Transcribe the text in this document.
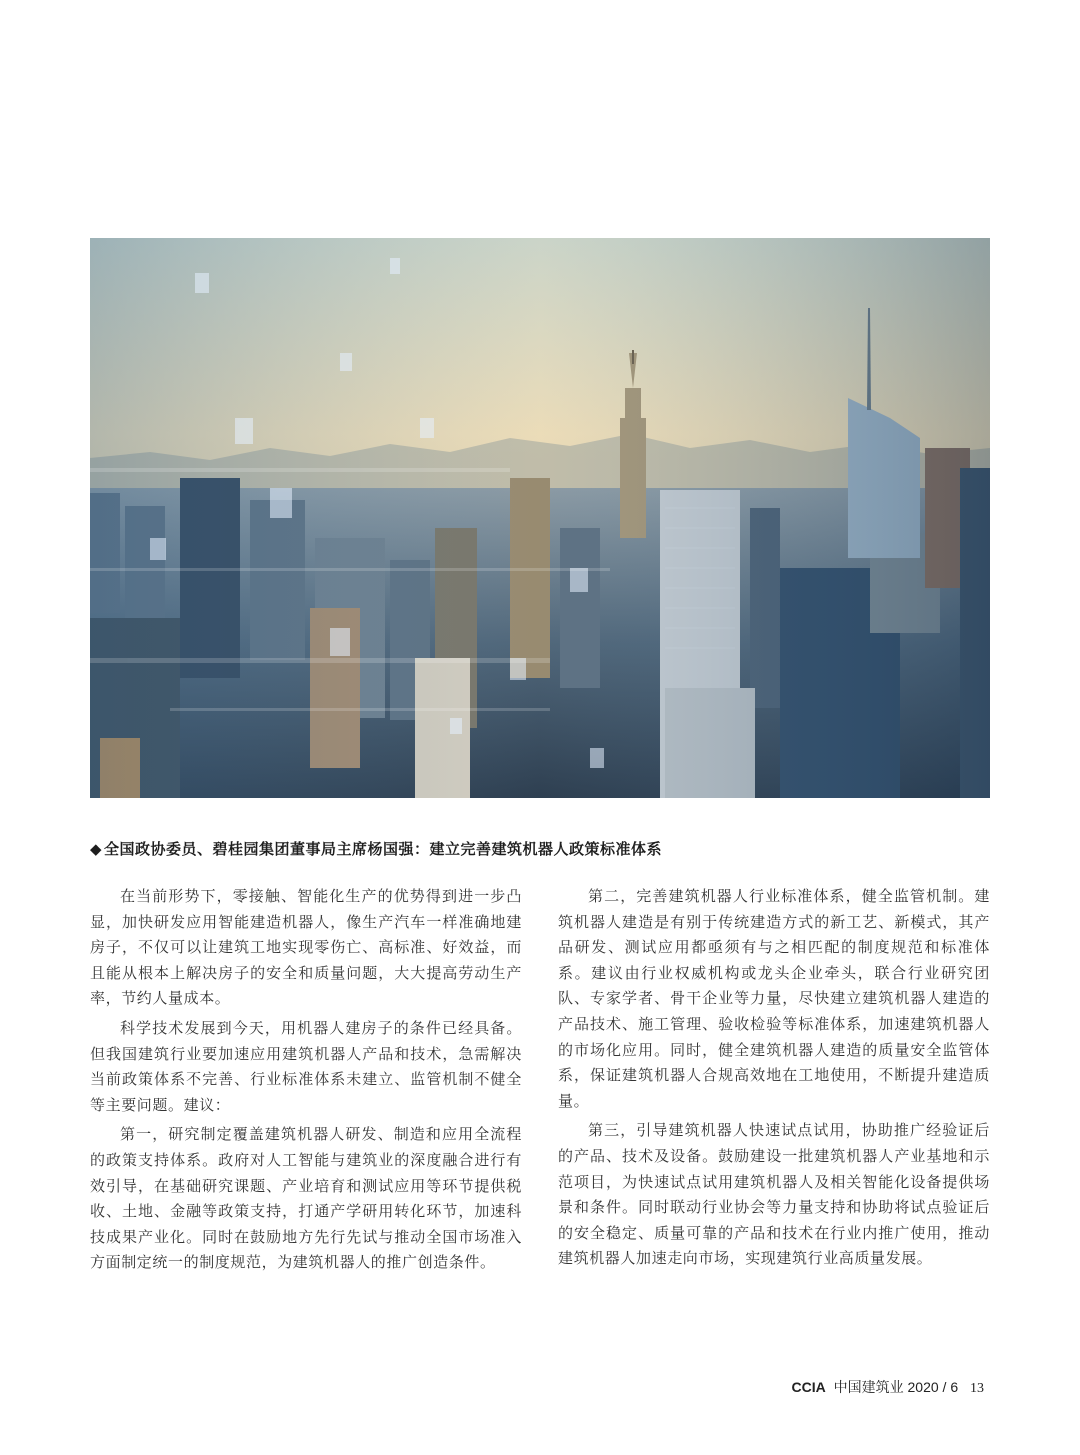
◆ 全国政协委员、碧桂园集团董事局主席杨国强：建立完善建筑机器人政策标准体系

在当前形势下，零接触、智能化生产的优势得到进一步凸显，加快研发应用智能建造机器人，像生产汽车一样准确地建房子，不仅可以让建筑工地实现零伤亡、高标准、好效益，而且能从根本上解决房子的安全和质量问题，大大提高劳动生产率，节约人量成本。

科学技术发展到今天，用机器人建房子的条件已经具备。但我国建筑行业要加速应用建筑机器人产品和技术，急需解决当前政策体系不完善、行业标准体系未建立、监管机制不健全等主要问题。建议：

第一，研究制定覆盖建筑机器人研发、制造和应用全流程的政策支持体系。政府对人工智能与建筑业的深度融合进行有效引导，在基础研究课题、产业培育和测试应用等环节提供税收、土地、金融等政策支持，打通产学研用转化环节，加速科技成果产业化。同时在鼓励地方先行先试与推动全国市场准入方面制定统一的制度规范，为建筑机器人的推广创造条件。

第二，完善建筑机器人行业标准体系，健全监管机制。建筑机器人建造是有别于传统建造方式的新工艺、新模式，其产品研发、测试应用都亟须有与之相匹配的制度规范和标准体系。建议由行业权威机构或龙头企业牵头，联合行业研究团队、专家学者、骨干企业等力量，尽快建立建筑机器人建造的产品技术、施工管理、验收检验等标准体系，加速建筑机器人的市场化应用。同时，健全建筑机器人建造的质量安全监管体系，保证建筑机器人合规高效地在工地使用，不断提升建造质量。

第三，引导建筑机器人快速试点试用，协助推广经验证后的产品、技术及设备。鼓励建设一批建筑机器人产业基地和示范项目，为快速试点试用建筑机器人及相关智能化设备提供场景和条件。同时联动行业协会等力量支持和协助将试点验证后的安全稳定、质量可靠的产品和技术在行业内推广使用，推动建筑机器人加速走向市场，实现建筑行业高质量发展。

CCIA 中国建筑业 2020 / 6 13
